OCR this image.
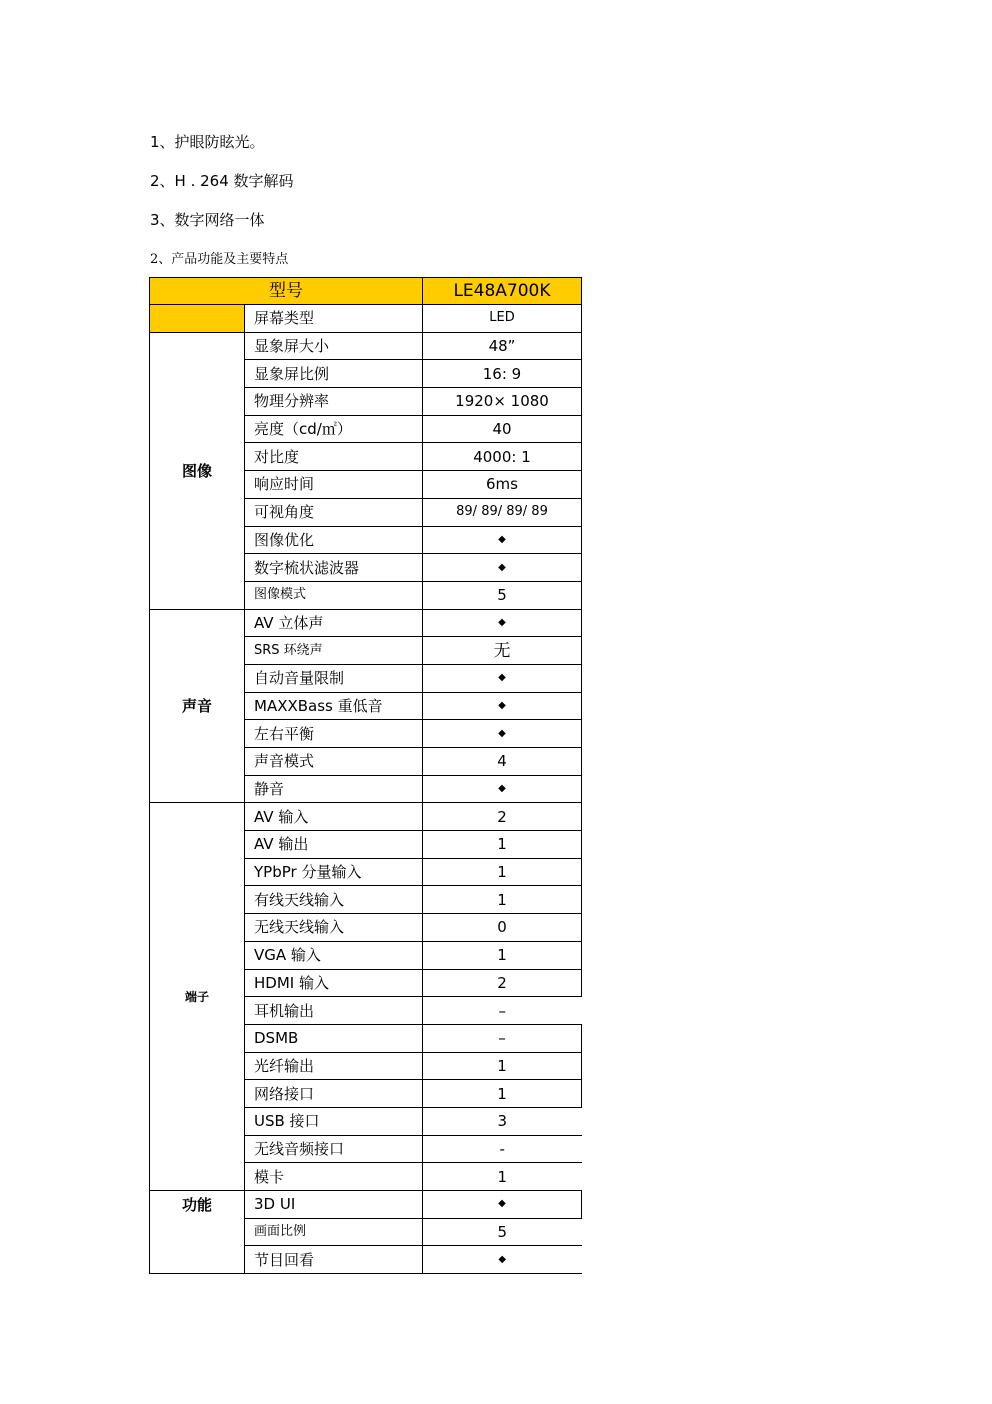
1、护眼防眩光。
2、H . 264 数字解码
3、数字网络一体
2、产品功能及主要特点
型号		LE48A700K
	屏幕类型	LED
图像	显象屏大小	48”
	显象屏比例	16: 9
	物理分辨率	1920× 1080
	亮度（cd/㎡）	40
	对比度	4000: 1
	响应时间	6ms
	可视角度	89/ 89/ 89/ 89
	图像优化	◆
	数字梳状滤波器	◆
	图像模式	5
声音	AV 立体声	◆
	SRS 环绕声	无
	自动音量限制	◆
	MAXXBass 重低音	◆
	左右平衡	◆
	声音模式	4
	静音	◆
端子	AV 输入	2
	AV 输出	1
	YPbPr 分量输入	1
	有线天线输入	1
	无线天线输入	0
	VGA 输入	1
	HDMI 输入	2
	耳机输出	–
	DSMB	–
	光纤输出	1
	网络接口	1
	USB 接口	3
	无线音频接口	-
	模卡	1
功能	3D UI	◆
	画面比例	5
	节目回看	◆
